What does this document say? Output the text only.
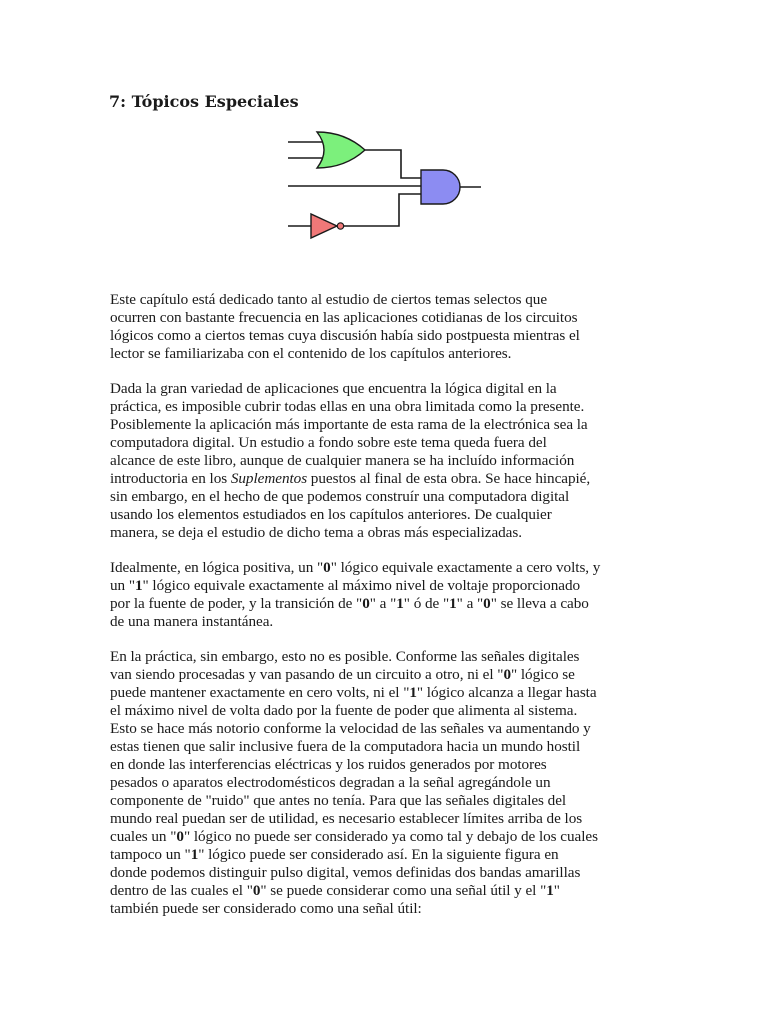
7: Tópicos Especiales

Este capítulo está dedicado tanto al estudio de ciertos temas selectos que
ocurren con bastante frecuencia en las aplicaciones cotidianas de los circuitos
lógicos como a ciertos temas cuya discusión había sido postpuesta mientras el
lector se familiarizaba con el contenido de los capítulos anteriores.

Dada la gran variedad de aplicaciones que encuentra la lógica digital en la
práctica, es imposible cubrir todas ellas en una obra limitada como la presente.
Posiblemente la aplicación más importante de esta rama de la electrónica sea la
computadora digital. Un estudio a fondo sobre este tema queda fuera del
alcance de este libro, aunque de cualquier manera se ha incluído información
introductoria en los Suplementos puestos al final de esta obra. Se hace hincapié,
sin embargo, en el hecho de que podemos construír una computadora digital
usando los elementos estudiados en los capítulos anteriores. De cualquier
manera, se deja el estudio de dicho tema a obras más especializadas.

Idealmente, en lógica positiva, un "0" lógico equivale exactamente a cero volts, y
un "1" lógico equivale exactamente al máximo nivel de voltaje proporcionado
por la fuente de poder, y la transición de "0" a "1" ó de "1" a "0" se lleva a cabo
de una manera instantánea.

En la práctica, sin embargo, esto no es posible. Conforme las señales digitales
van siendo procesadas y van pasando de un circuito a otro, ni el "0" lógico se
puede mantener exactamente en cero volts, ni el "1" lógico alcanza a llegar hasta
el máximo nivel de volta dado por la fuente de poder que alimenta al sistema.
Esto se hace más notorio conforme la velocidad de las señales va aumentando y
estas tienen que salir inclusive fuera de la computadora hacia un mundo hostil
en donde las interferencias eléctricas y los ruidos generados por motores
pesados o aparatos electrodomésticos degradan a la señal agregándole un
componente de "ruido" que antes no tenía. Para que las señales digitales del
mundo real puedan ser de utilidad, es necesario establecer límites arriba de los
cuales un "0" lógico no puede ser considerado ya como tal y debajo de los cuales
tampoco un "1" lógico puede ser considerado así. En la siguiente figura en
donde podemos distinguir pulso digital, vemos definidas dos bandas amarillas
dentro de las cuales el "0" se puede considerar como una señal útil y el "1"
también puede ser considerado como una señal útil:
